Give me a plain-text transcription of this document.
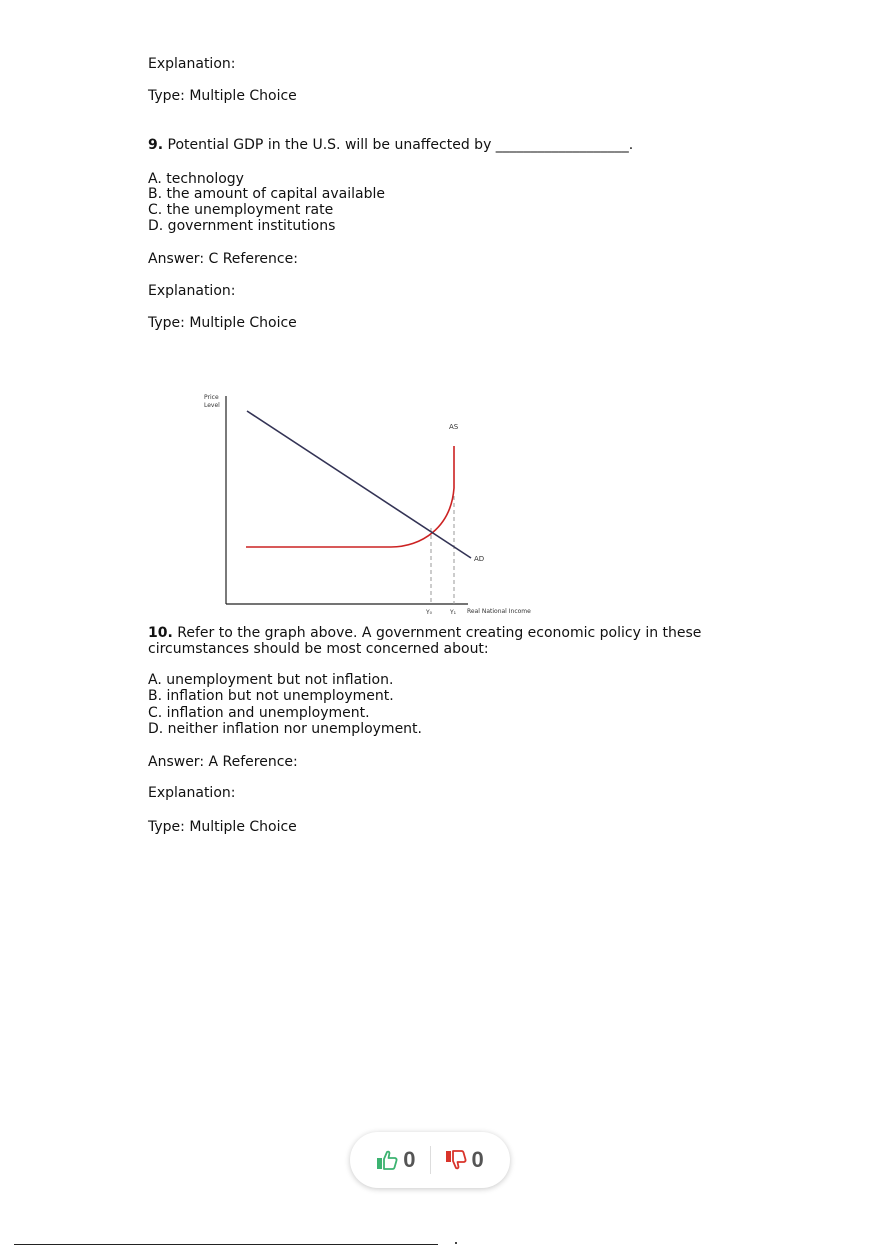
Explanation:
Type: Multiple Choice
9. Potential GDP in the U.S. will be unaffected by ___________________.
A. technology
B. the amount of capital available
C. the unemployment rate
D. government institutions
Answer: C Reference:
Explanation:
Type: Multiple Choice
Price
Level
AS
AD
Y₀	Y₁ Real National Income
10. Refer to the graph above. A government creating economic policy in these
circumstances should be most concerned about:
A. unemployment but not inflation.
B. inflation but not unemployment.
C. inflation and unemployment.
D. neither inflation nor unemployment.
Answer: A Reference:
Explanation:
Type: Multiple Choice
0	0
